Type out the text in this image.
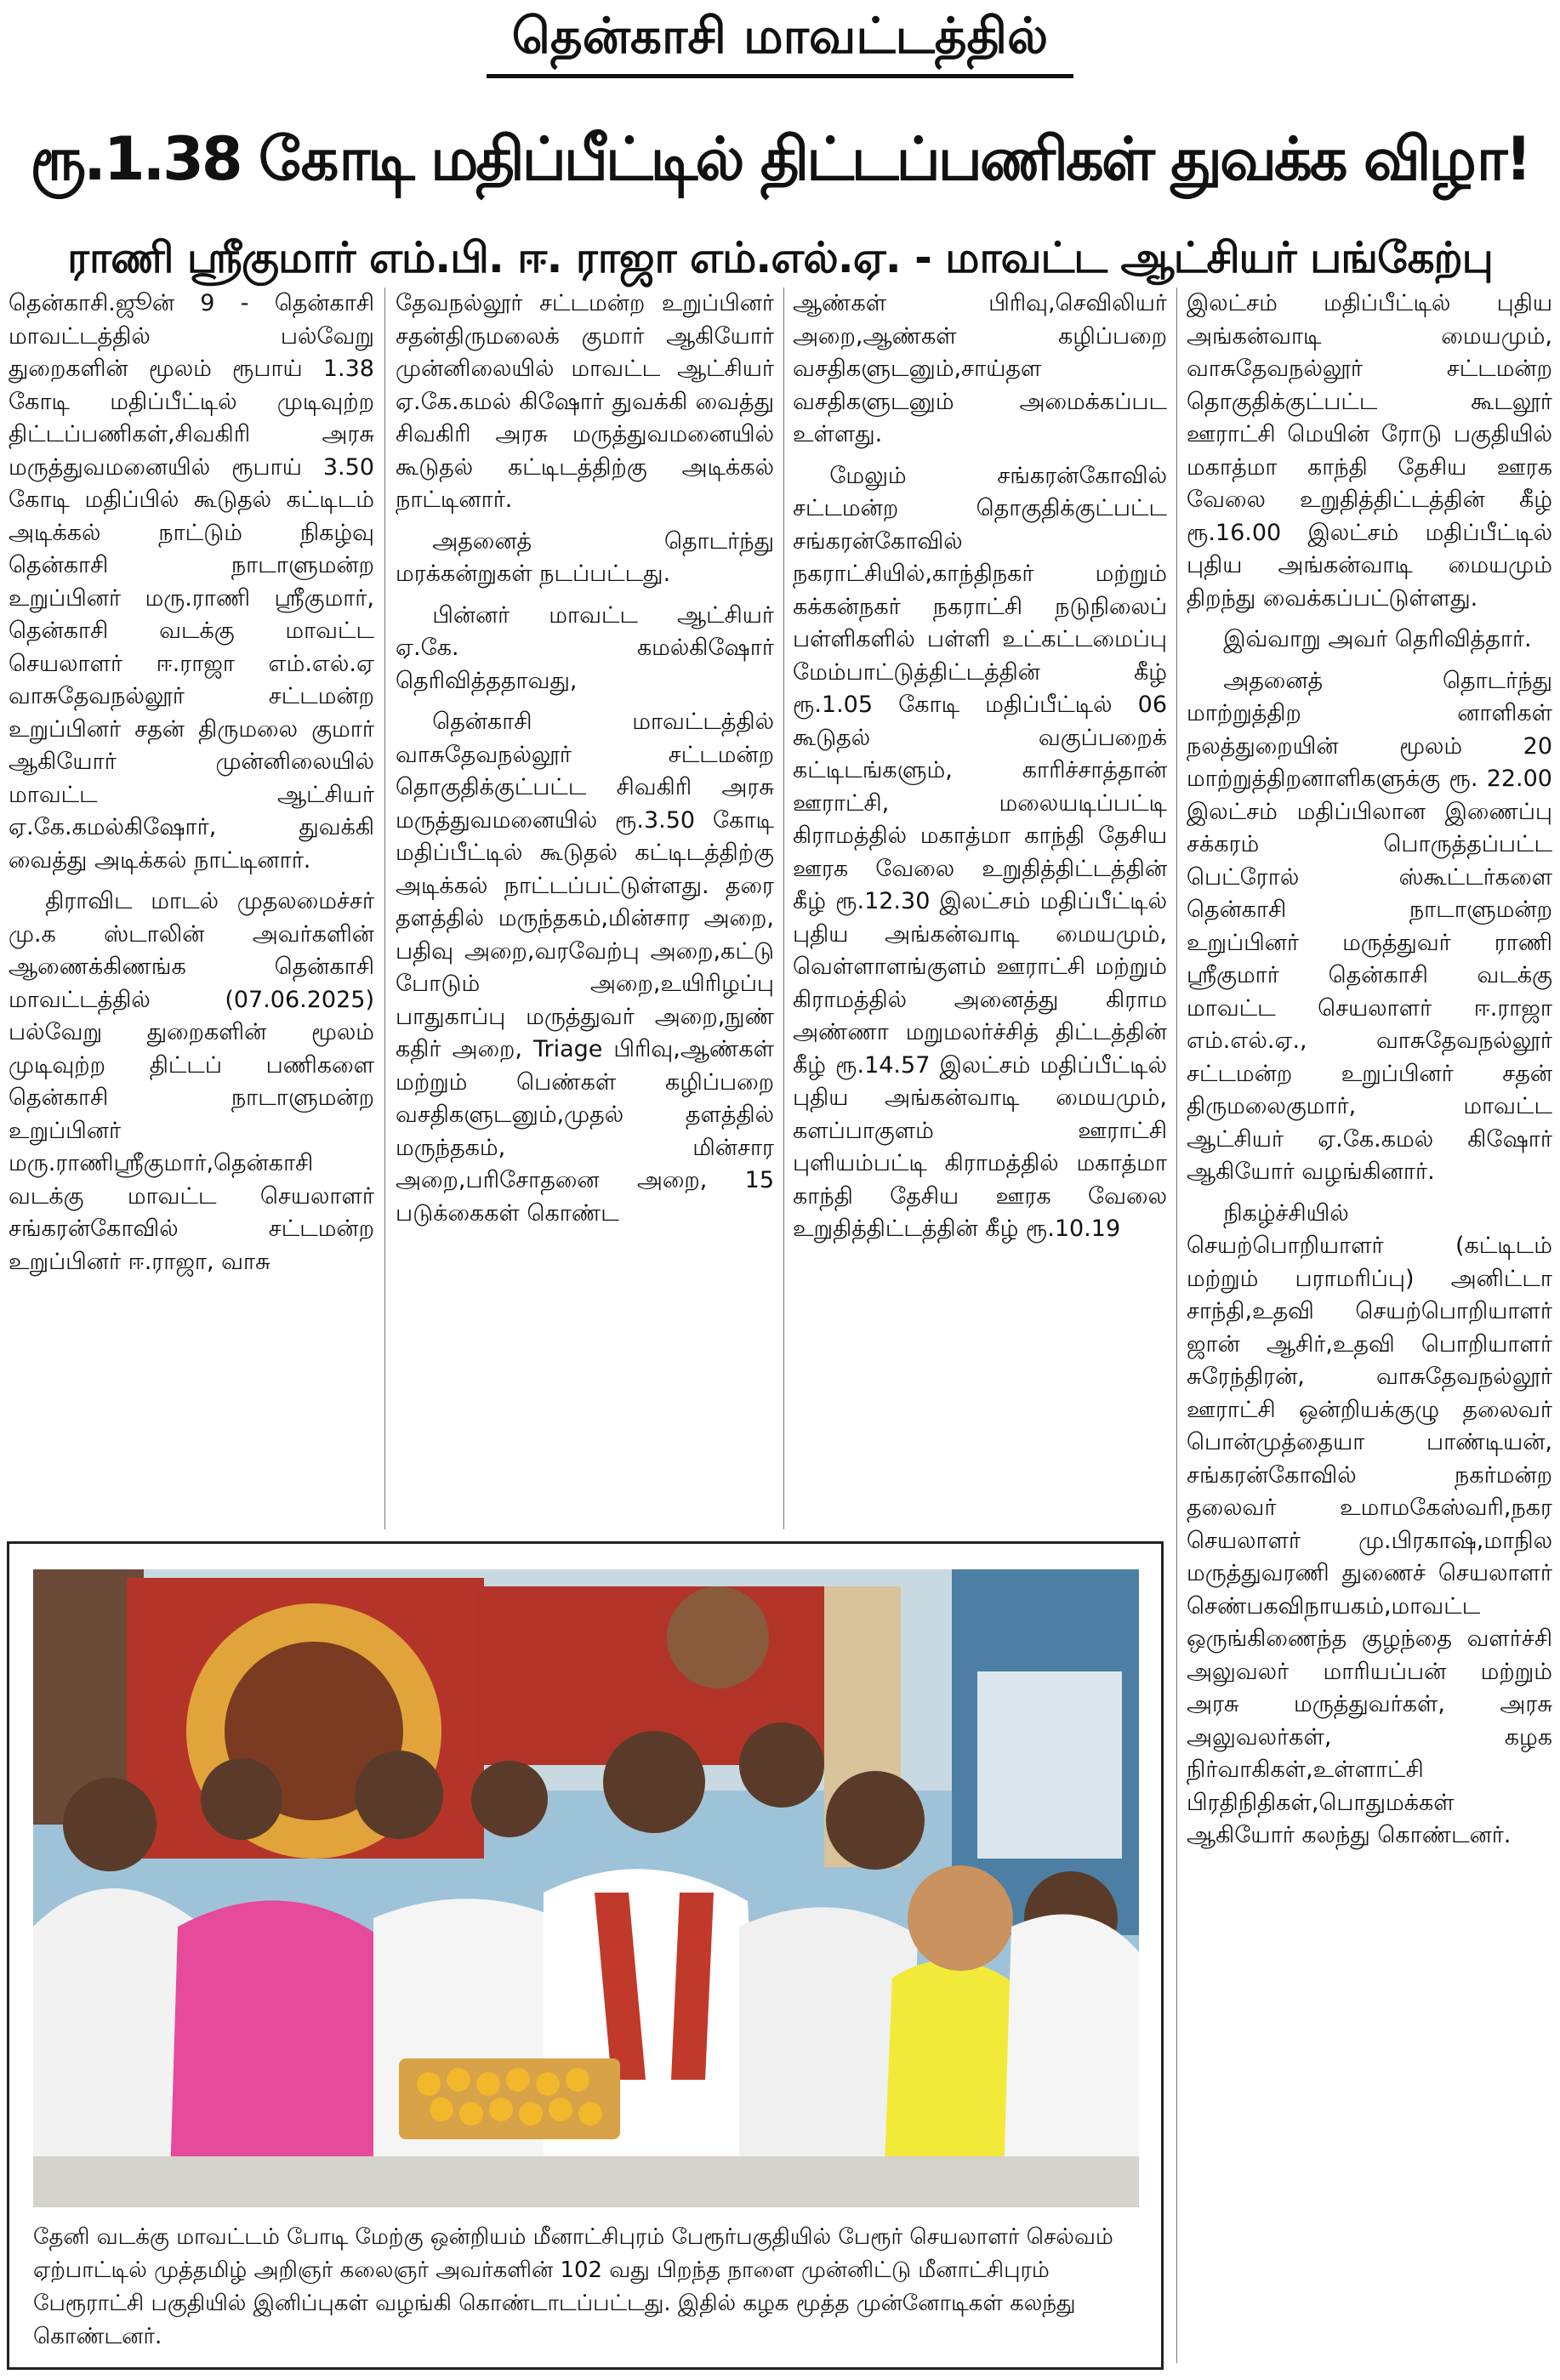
தென்காசி மாவட்டத்தில்
ரூ.1.38 கோடி மதிப்பீட்டில் திட்டப்பணிகள் துவக்க விழா!
ராணி ஸ்ரீகுமார் எம்.பி. ஈ. ராஜா எம்.எல்.ஏ. - மாவட்ட ஆட்சியர் பங்கேற்பு

தென்காசி.ஜூன் 9 - தென்காசி மாவட்டத்தில் பல்வேறு துறைகளின் மூலம் ரூபாய் 1.38 கோடி மதிப்பீட்டில் முடிவுற்ற திட்டப்பணிகள்,சிவகிரி அரசு மருத்துவமனையில் ரூபாய் 3.50 கோடி மதிப்பில் கூடுதல் கட்டிடம் அடிக்கல் நாட்டும் நிகழ்வு தென்காசி நாடாளுமன்ற உறுப்பினர் மரு.ராணி ஸ்ரீகுமார், தென்காசி வடக்கு மாவட்ட செயலாளர் ஈ.ராஜா எம்.எல்.ஏ வாசுதேவநல்லூர் சட்டமன்ற உறுப்பினர் சதன் திருமலை குமார் ஆகியோர் முன்னிலையில் மாவட்ட ஆட்சியர் ஏ.கே.கமல்கிஷோர், துவக்கி வைத்து அடிக்கல் நாட்டினார்.

திராவிட மாடல் முதலமைச்சர் மு.க ஸ்டாலின் அவர்களின் ஆணைக்கிணங்க தென்காசி மாவட்டத்தில் (07.06.2025) பல்வேறு துறைகளின் மூலம் முடிவுற்ற திட்டப் பணிகளை தென்காசி நாடாளுமன்ற உறுப்பினர் மரு.ராணிஸ்ரீகுமார்,தென்காசி வடக்கு மாவட்ட செயலாளர் சங்கரன்கோவில் சட்டமன்ற உறுப்பினர் ஈ.ராஜா, வாசு

தேவநல்லூர் சட்டமன்ற உறுப்பினர் சதன்திருமலைக் குமார் ஆகியோர் முன்னிலையில் மாவட்ட ஆட்சியர் ஏ.கே.கமல் கிஷோர் துவக்கி வைத்து சிவகிரி அரசு மருத்துவமனையில் கூடுதல் கட்டிடத்திற்கு அடிக்கல் நாட்டினார்.

அதனைத் தொடர்ந்து மரக்கன்றுகள் நடப்பட்டது.

பின்னர் மாவட்ட ஆட்சியர் ஏ.கே. கமல்கிஷோர் தெரிவித்ததாவது,

தென்காசி மாவட்டத்தில் வாசுதேவநல்லூர் சட்டமன்ற தொகுதிக்குட்பட்ட சிவகிரி அரசு மருத்துவமனையில் ரூ.3.50 கோடி மதிப்பீட்டில் கூடுதல் கட்டிடத்திற்கு அடிக்கல் நாட்டப்பட்டுள்ளது. தரை தளத்தில் மருந்தகம்,மின்சார அறை, பதிவு அறை,வரவேற்பு அறை,கட்டு போடும் அறை,உயிரிழப்பு பாதுகாப்பு மருத்துவர் அறை,நுண் கதிர் அறை, Triage பிரிவு,ஆண்கள் மற்றும் பெண்கள் கழிப்பறை வசதிகளுடனும்,முதல் தளத்தில் மருந்தகம், மின்சார அறை,பரிசோதனை அறை, 15 படுக்கைகள் கொண்ட

ஆண்கள் பிரிவு,செவிலியர் அறை,ஆண்கள் கழிப்பறை வசதிகளுடனும்,சாய்தள வசதிகளுடனும் அமைக்கப்பட உள்ளது.

மேலும் சங்கரன்கோவில் சட்டமன்ற தொகுதிக்குட்பட்ட சங்கரன்கோவில் நகராட்சியில்,காந்திநகர் மற்றும் கக்கன்நகர் நகராட்சி நடுநிலைப் பள்ளிகளில் பள்ளி உட்கட்டமைப்பு மேம்பாட்டுத்திட்டத்தின் கீழ் ரூ.1.05 கோடி மதிப்பீட்டில் 06 கூடுதல் வகுப்பறைக் கட்டிடங்களும், காரிச்சாத்தான் ஊராட்சி, மலையடிப்பட்டி கிராமத்தில் மகாத்மா காந்தி தேசிய ஊரக வேலை உறுதித்திட்டத்தின் கீழ் ரூ.12.30 இலட்சம் மதிப்பீட்டில் புதிய அங்கன்வாடி மையமும், வெள்ளாளங்குளம் ஊராட்சி மற்றும் கிராமத்தில் அனைத்து கிராம அண்ணா மறுமலர்ச்சித் திட்டத்தின் கீழ் ரூ.14.57 இலட்சம் மதிப்பீட்டில் புதிய அங்கன்வாடி மையமும், களப்பாகுளம் ஊராட்சி புளியம்பட்டி கிராமத்தில் மகாத்மா காந்தி தேசிய ஊரக வேலை உறுதித்திட்டத்தின் கீழ் ரூ.10.19

இலட்சம் மதிப்பீட்டில் புதிய அங்கன்வாடி மையமும், வாசுதேவநல்லூர் சட்டமன்ற தொகுதிக்குட்பட்ட கூடலூர் ஊராட்சி மெயின் ரோடு பகுதியில் மகாத்மா காந்தி தேசிய ஊரக வேலை உறுதித்திட்டத்தின் கீழ் ரூ.16.00 இலட்சம் மதிப்பீட்டில் புதிய அங்கன்வாடி மையமும் திறந்து வைக்கப்பட்டுள்ளது.

இவ்வாறு அவர் தெரிவித்தார்.

அதனைத் தொடர்ந்து மாற்றுத்திற னாளிகள் நலத்துறையின் மூலம் 20 மாற்றுத்திறனாளிகளுக்கு ரூ. 22.00 இலட்சம் மதிப்பிலான இணைப்பு சக்கரம் பொருத்தப்பட்ட பெட்ரோல் ஸ்கூட்டர்களை தென்காசி நாடாளுமன்ற உறுப்பினர் மருத்துவர் ராணி ஸ்ரீகுமார் தென்காசி வடக்கு மாவட்ட செயலாளர் ஈ.ராஜா எம்.எல்.ஏ., வாசுதேவநல்லூர் சட்டமன்ற உறுப்பினர் சதன் திருமலைகுமார், மாவட்ட ஆட்சியர் ஏ.கே.கமல் கிஷோர் ஆகியோர் வழங்கினார்.

நிகழ்ச்சியில் செயற்பொறியாளர் (கட்டிடம் மற்றும் பராமரிப்பு) அனிட்டா சாந்தி,உதவி செயற்பொறியாளர் ஜான் ஆசிர்,உதவி பொறியாளர் சுரேந்திரன், வாசுதேவநல்லூர் ஊராட்சி ஒன்றியக்குழு தலைவர் பொன்முத்தையா பாண்டியன், சங்கரன்கோவில் நகர்மன்ற தலைவர் உமாமகேஸ்வரி,நகர செயலாளர் மு.பிரகாஷ்,மாநில மருத்துவரணி துணைச் செயலாளர் செண்பகவிநாயகம்,மாவட்ட ஒருங்கிணைந்த குழந்தை வளர்ச்சி அலுவலர் மாரியப்பன் மற்றும் அரசு மருத்துவர்கள், அரசு அலுவலர்கள், கழக நிர்வாகிகள்,உள்ளாட்சி பிரதிநிதிகள்,பொதுமக்கள் ஆகியோர் கலந்து கொண்டனர்.

தேனி வடக்கு மாவட்டம் போடி மேற்கு ஒன்றியம் மீனாட்சிபுரம் பேரூர்பகுதியில் பேரூர் செயலாளர் செல்வம் ஏற்பாட்டில் முத்தமிழ் அறிஞர் கலைஞர் அவர்களின் 102 வது பிறந்த நாளை முன்னிட்டு மீனாட்சிபுரம் பேரூராட்சி பகுதியில் இனிப்புகள் வழங்கி கொண்டாடப்பட்டது. இதில் கழக மூத்த முன்னோடிகள் கலந்து கொண்டனர்.
